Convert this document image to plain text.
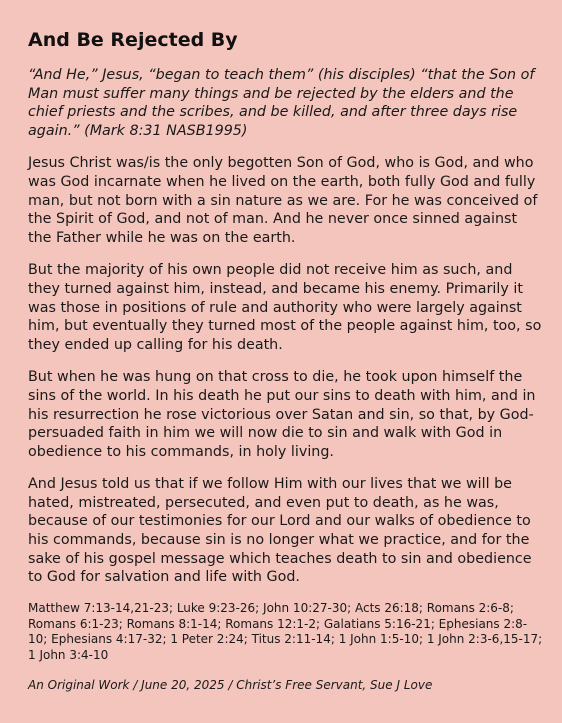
And Be Rejected By

“And He,” Jesus, “began to teach them” (his disciples) “that the Son of Man must suffer many things and be rejected by the elders and the chief priests and the scribes, and be killed, and after three days rise again.” (Mark 8:31 NASB1995)

Jesus Christ was/is the only begotten Son of God, who is God, and who was God incarnate when he lived on the earth, both fully God and fully man, but not born with a sin nature as we are. For he was conceived of the Spirit of God, and not of man. And he never once sinned against the Father while he was on the earth.

But the majority of his own people did not receive him as such, and they turned against him, instead, and became his enemy. Primarily it was those in positions of rule and authority who were largely against him, but eventually they turned most of the people against him, too, so they ended up calling for his death.

But when he was hung on that cross to die, he took upon himself the sins of the world. In his death he put our sins to death with him, and in his resurrection he rose victorious over Satan and sin, so that, by God-persuaded faith in him we will now die to sin and walk with God in obedience to his commands, in holy living.

And Jesus told us that if we follow Him with our lives that we will be hated, mistreated, persecuted, and even put to death, as he was, because of our testimonies for our Lord and our walks of obedience to his commands, because sin is no longer what we practice, and for the sake of his gospel message which teaches death to sin and obedience to God for salvation and life with God.

Matthew 7:13-14,21-23; Luke 9:23-26; John 10:27-30; Acts 26:18; Romans 2:6-8; Romans 6:1-23; Romans 8:1-14; Romans 12:1-2; Galatians 5:16-21; Ephesians 2:8-10; Ephesians 4:17-32; 1 Peter 2:24; Titus 2:11-14; 1 John 1:5-10; 1 John 2:3-6,15-17; 1 John 3:4-10

An Original Work / June 20, 2025 / Christ’s Free Servant, Sue J Love
